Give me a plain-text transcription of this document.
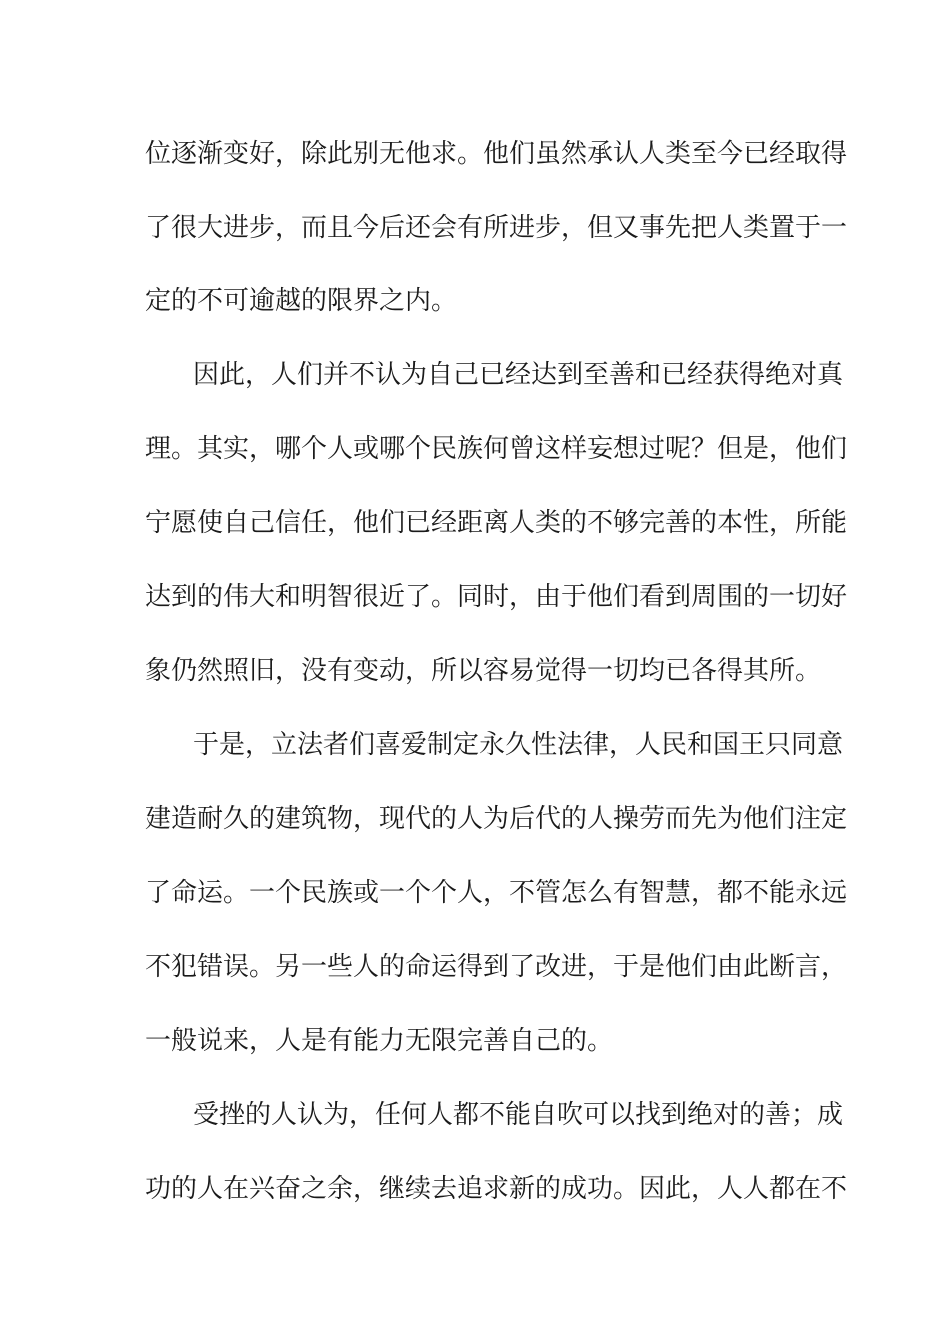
位逐渐变好，除此别无他求。他们虽然承认人类至今已经取得
了很大进步，而且今后还会有所进步，但又事先把人类置于一
定的不可逾越的限界之内。
因此，人们并不认为自己已经达到至善和已经获得绝对真
理。其实，哪个人或哪个民族何曾这样妄想过呢？但是，他们
宁愿使自己信任，他们已经距离人类的不够完善的本性，所能
达到的伟大和明智很近了。同时，由于他们看到周围的一切好
象仍然照旧，没有变动，所以容易觉得一切均已各得其所。
于是，立法者们喜爱制定永久性法律，人民和国王只同意
建造耐久的建筑物，现代的人为后代的人操劳而先为他们注定
了命运。一个民族或一个个人，不管怎么有智慧，都不能永远
不犯错误。另一些人的命运得到了改进，于是他们由此断言，
一般说来，人是有能力无限完善自己的。
受挫的人认为，任何人都不能自吹可以找到绝对的善；成
功的人在兴奋之余，继续去追求新的成功。因此，人人都在不
